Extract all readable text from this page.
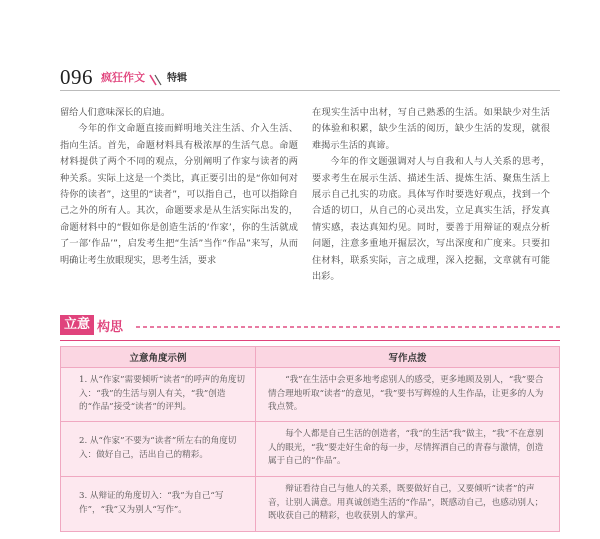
096 疯狂作文 特辑

留给人们意味深长的启迪。

今年的作文命题直接而鲜明地关注生活、介入生活、指向生活。首先，命题材料具有极浓厚的生活气息。命题材料提供了两个不同的观点，分别阐明了作家与读者的两种关系。实际上这是一个类比，真正要引出的是“你如何对待你的读者”，这里的“读者”，可以指自己，也可以指除自己之外的所有人。其次，命题要求是从生活实际出发的，命题材料中的“假如你是创造生活的‘作家’，你的生活就成了一部‘作品’”，启发考生把“生活”当作“作品”来写，从而明确让考生放眼现实，思考生活，要求

在现实生活中出材，写自己熟悉的生活。如果缺少对生活的体验和积累，缺少生活的阅历，缺少生活的发现，就很难揭示生活的真谛。

今年的作文题强调对人与自我和人与人关系的思考，要求考生在展示生活、描述生活、提炼生活、聚焦生活上展示自己扎实的功底。具体写作时要选好观点，找到一个合适的切口，从自己的心灵出发，立足真实生活，抒发真情实感，表达真知灼见。同时，要善于用辩证的观点分析问题，注意多重地开掘层次，写出深度和广度来。只要扣住材料，联系实际，言之成理，深入挖掘，文章就有可能出彩。

立意 构思
立意角度示例	写作点拨

1. 从“作家”需要倾听“读者”的呼声的角度切入：“我”的生活与别人有关，“我”创造的“作品”接受“读者”的评判。	“我”在生活中会更多地考虑别人的感受，更多地顾及别人，“我”要合情合理地听取“读者”的意见，“我”要书写辉煌的人生作品，让更多的人为我点赞。

2. 从“作家”不要为“读者”所左右的角度切入：做好自己，活出自己的精彩。	每个人都是自己生活的创造者，“我”的生活“我”做主，“我”不在意别人的眼光，“我”要走好生命的每一步，尽情挥洒自己的青春与激情，创造属于自己的“作品”。

3. 从辩证的角度切入：“我”为自己“写作”，“我”又为别人“写作”。	辩证看待自己与他人的关系，既要做好自己，又要倾听“读者”的声音，让别人满意。用真诚创造生活的“作品”，既感动自己，也感动别人；既收获自己的精彩，也收获别人的掌声。
